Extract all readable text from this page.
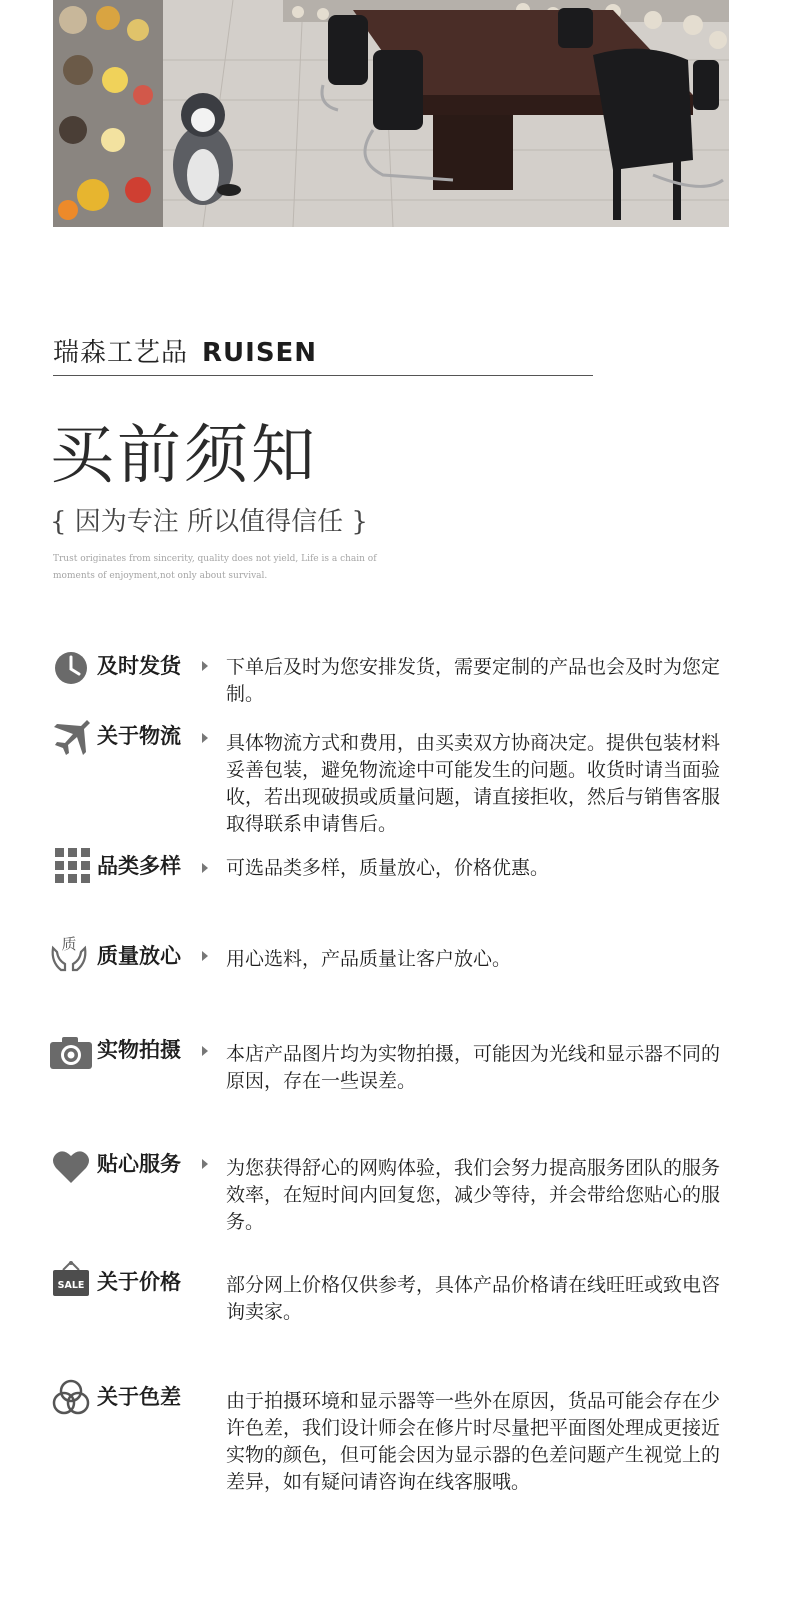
瑞森工艺品 RUISEN
买前须知
{ 因为专注 所以值得信任 }
Trust originates from sincerity, quality does not yield, Life is a chain of moments of enjoyment,not only about survival.
及时发货 下单后及时为您安排发货，需要定制的产品也会及时为您定制。
关于物流 具体物流方式和费用，由买卖双方协商决定。提供包装材料妥善包装，避免物流途中可能发生的问题。收货时请当面验收，若出现破损或质量问题，请直接拒收，然后与销售客服取得联系申请售后。
品类多样 可选品类多样，质量放心，价格优惠。
质 质量放心 用心选料，产品质量让客户放心。
实物拍摄 本店产品图片均为实物拍摄，可能因为光线和显示器不同的原因，存在一些误差。
贴心服务 为您获得舒心的网购体验，我们会努力提高服务团队的服务效率，在短时间内回复您，减少等待，并会带给您贴心的服务。
SALE 关于价格 部分网上价格仅供参考，具体产品价格请在线旺旺或致电咨询卖家。
关于色差 由于拍摄环境和显示器等一些外在原因，货品可能会存在少许色差，我们设计师会在修片时尽量把平面图处理成更接近实物的颜色，但可能会因为显示器的色差问题产生视觉上的差异，如有疑问请咨询在线客服哦。
